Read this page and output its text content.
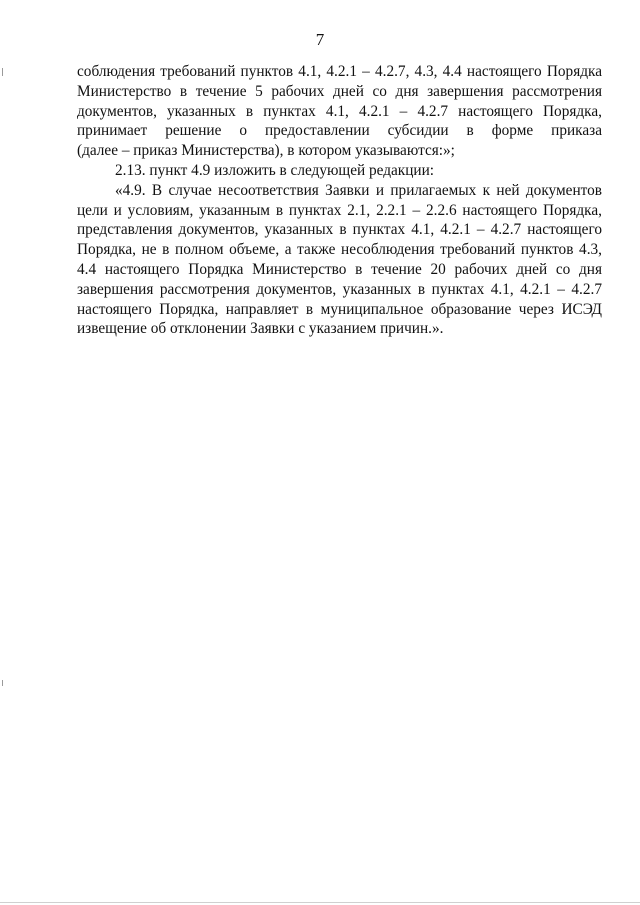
7
соблюдения требований пунктов 4.1, 4.2.1 – 4.2.7, 4.3, 4.4 настоящего Порядка
Министерство в течение 5 рабочих дней со дня завершения рассмотрения
документов, указанных в пунктах 4.1, 4.2.1 – 4.2.7 настоящего Порядка,
принимает решение о предоставлении субсидии в форме приказа
(далее – приказ Министерства), в котором указываются:»;
2.13. пункт 4.9 изложить в следующей редакции:
«4.9. В случае несоответствия Заявки и прилагаемых к ней документов
цели и условиям, указанным в пунктах 2.1, 2.2.1 – 2.2.6 настоящего Порядка,
представления документов, указанных в пунктах 4.1, 4.2.1 – 4.2.7 настоящего
Порядка, не в полном объеме, а также несоблюдения требований пунктов 4.3,
4.4 настоящего Порядка Министерство в течение 20 рабочих дней со дня
завершения рассмотрения документов, указанных в пунктах 4.1, 4.2.1 – 4.2.7
настоящего Порядка, направляет в муниципальное образование через ИСЭД
извещение об отклонении Заявки с указанием причин.».
